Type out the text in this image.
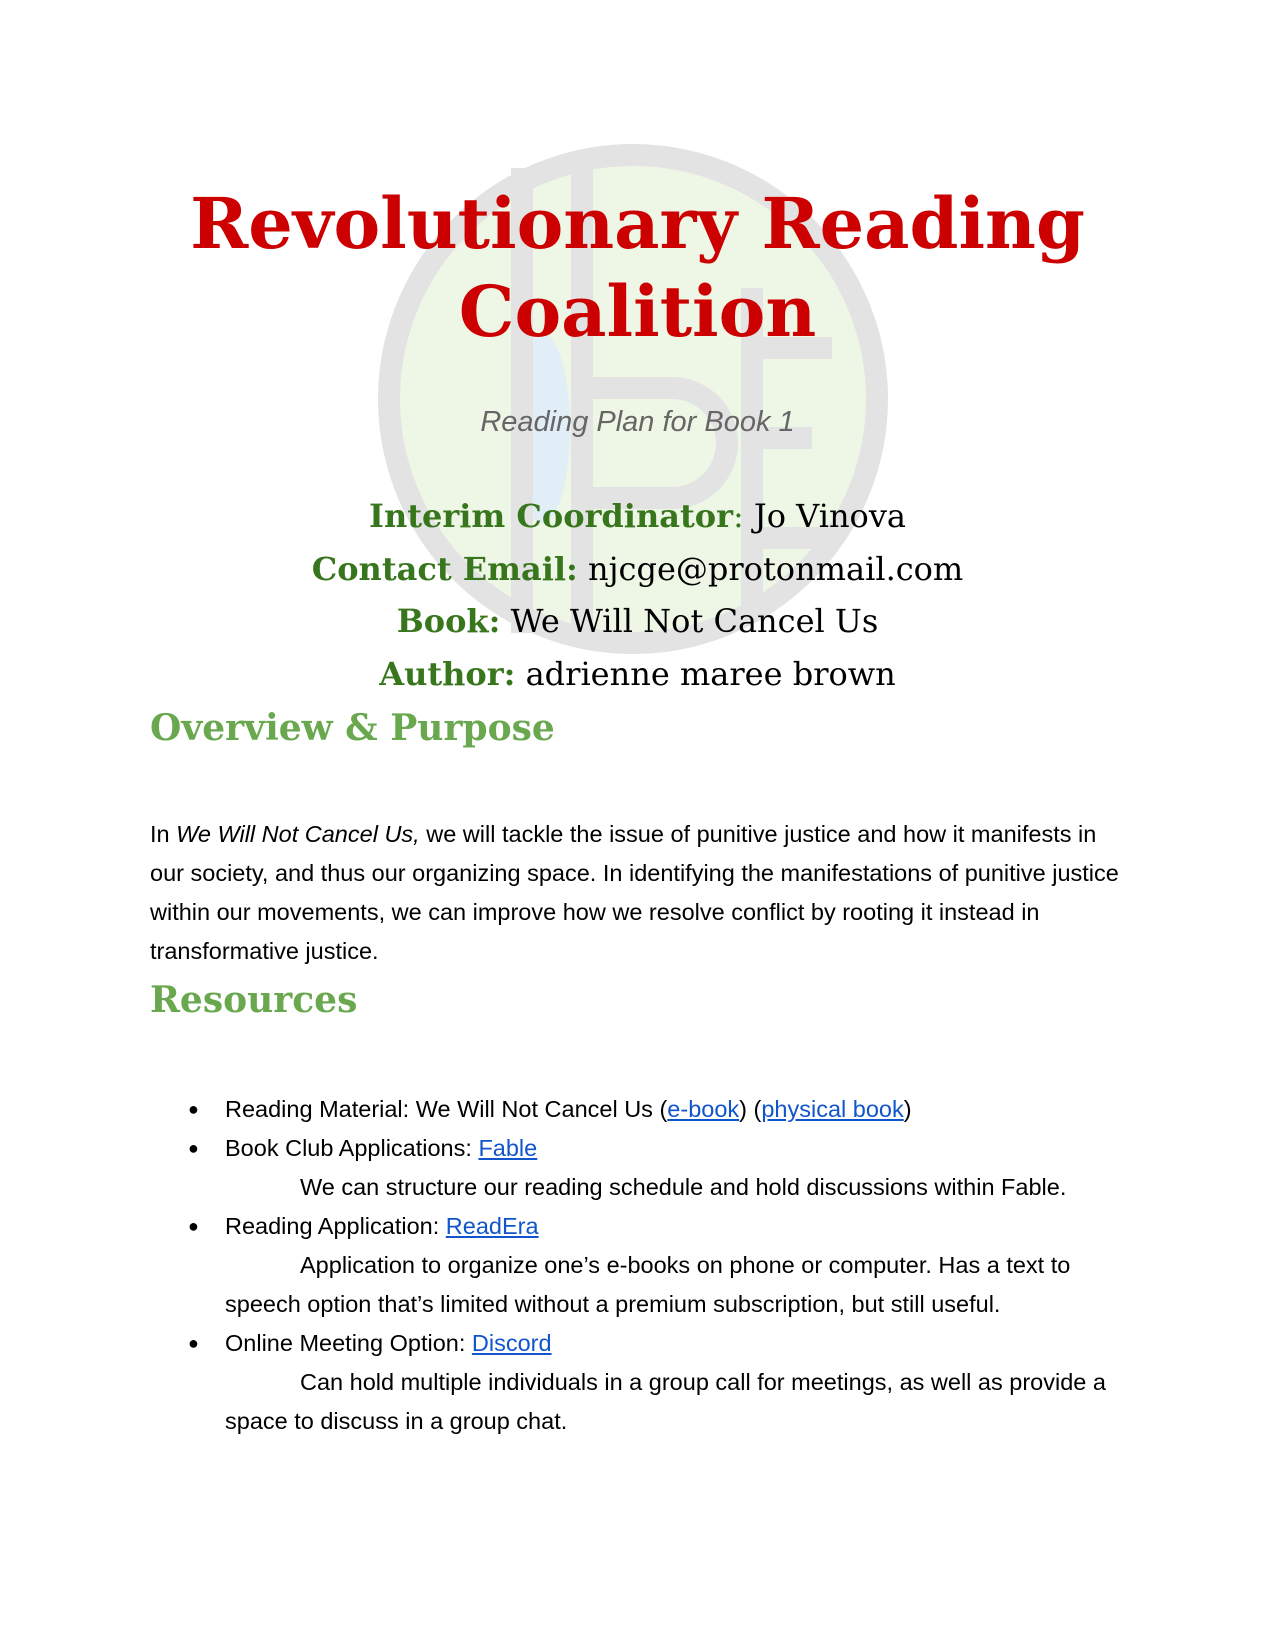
Revolutionary Reading Coalition
Reading Plan for Book 1
Interim Coordinator: Jo Vinova
Contact Email: njcge@protonmail.com
Book: We Will Not Cancel Us
Author: adrienne maree brown
Overview & Purpose

In We Will Not Cancel Us, we will tackle the issue of punitive justice and how it manifests in our society, and thus our organizing space. In identifying the manifestations of punitive justice within our movements, we can improve how we resolve conflict by rooting it instead in transformative justice.

Resources
● Reading Material: We Will Not Cancel Us (e-book) (physical book)
● Book Club Applications: Fable
We can structure our reading schedule and hold discussions within Fable.
● Reading Application: ReadEra
Application to organize one’s e-books on phone or computer. Has a text to speech option that’s limited without a premium subscription, but still useful.
● Online Meeting Option: Discord
Can hold multiple individuals in a group call for meetings, as well as provide a space to discuss in a group chat.
